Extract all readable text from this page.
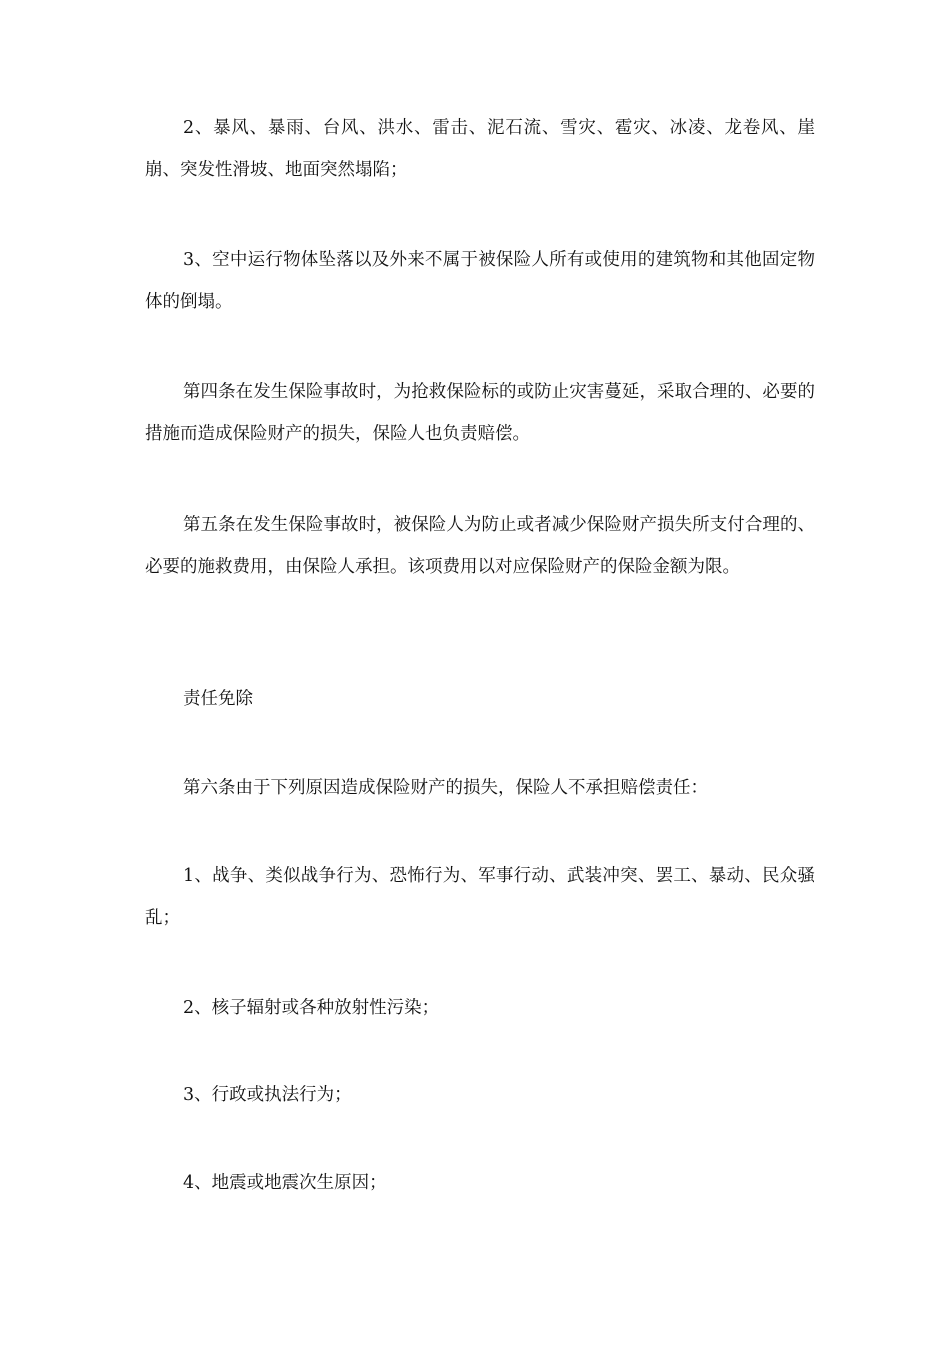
2、暴风、暴雨、台风、洪水、雷击、泥石流、雪灾、雹灾、冰凌、龙卷风、崖崩、突发性滑坡、地面突然塌陷；

3、空中运行物体坠落以及外来不属于被保险人所有或使用的建筑物和其他固定物体的倒塌。

第四条在发生保险事故时，为抢救保险标的或防止灾害蔓延，采取合理的、必要的措施而造成保险财产的损失，保险人也负责赔偿。

第五条在发生保险事故时，被保险人为防止或者减少保险财产损失所支付合理的、必要的施救费用，由保险人承担。该项费用以对应保险财产的保险金额为限。

责任免除

第六条由于下列原因造成保险财产的损失，保险人不承担赔偿责任：

1、战争、类似战争行为、恐怖行为、军事行动、武装冲突、罢工、暴动、民众骚乱；

2、核子辐射或各种放射性污染；

3、行政或执法行为；

4、地震或地震次生原因；
